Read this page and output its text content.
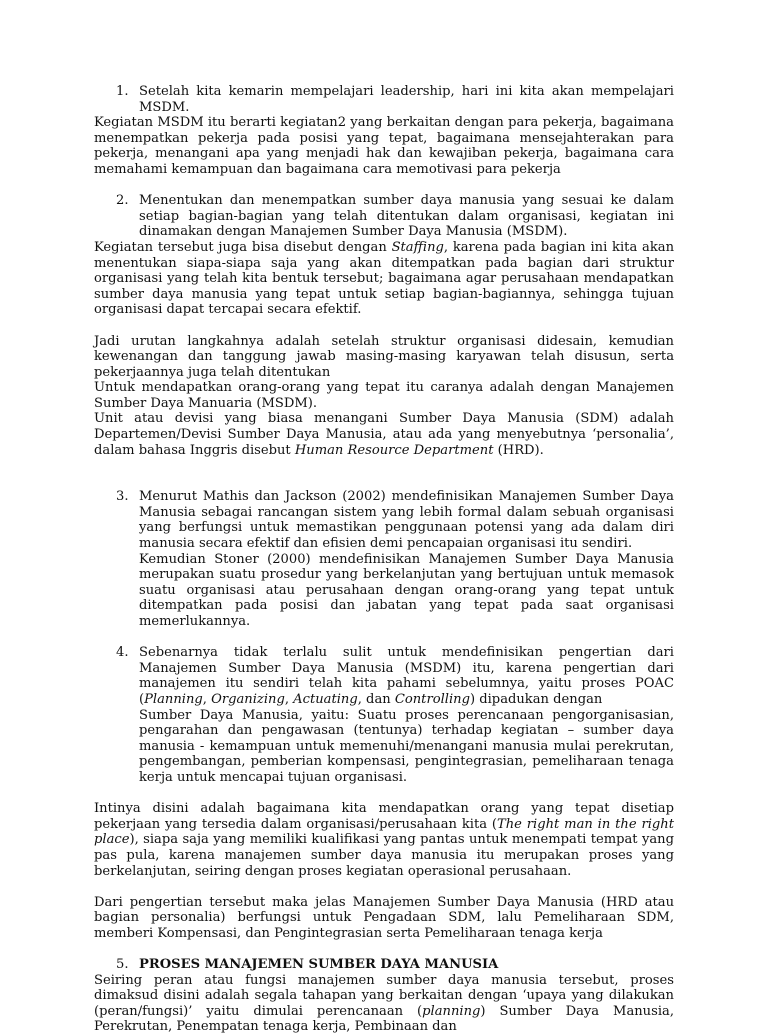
1. Setelah kita kemarin mempelajari leadership, hari ini kita akan mempelajari MSDM.

Kegiatan MSDM itu berarti kegiatan2 yang berkaitan dengan para pekerja, bagaimana menempatkan pekerja pada posisi yang tepat, bagaimana mensejahterakan para pekerja, menangani apa yang menjadi hak dan kewajiban pekerja, bagaimana cara memahami kemampuan dan bagaimana cara memotivasi para pekerja

2. Menentukan dan menempatkan sumber daya manusia yang sesuai ke dalam setiap bagian-bagian yang telah ditentukan dalam organisasi, kegiatan ini dinamakan dengan Manajemen Sumber Daya Manusia (MSDM).

Kegiatan tersebut juga bisa disebut dengan Staffing, karena pada bagian ini kita akan menentukan siapa-siapa saja yang akan ditempatkan pada bagian dari struktur organisasi yang telah kita bentuk tersebut; bagaimana agar perusahaan mendapatkan sumber daya manusia yang tepat untuk setiap bagian-bagiannya, sehingga tujuan organisasi dapat tercapai secara efektif.

Jadi urutan langkahnya adalah setelah struktur organisasi didesain, kemudian kewenangan dan tanggung jawab masing-masing karyawan telah disusun, serta pekerjaannya juga telah ditentukan

Untuk mendapatkan orang-orang yang tepat itu caranya adalah dengan Manajemen Sumber Daya Manuaria (MSDM).

Unit atau devisi yang biasa menangani Sumber Daya Manusia (SDM) adalah Departemen/Devisi Sumber Daya Manusia, atau ada yang menyebutnya ‘personalia’, dalam bahasa Inggris disebut Human Resource Department (HRD).

3. Menurut Mathis dan Jackson (2002) mendefinisikan Manajemen Sumber Daya Manusia sebagai rancangan sistem yang lebih formal dalam sebuah organisasi yang berfungsi untuk memastikan penggunaan potensi yang ada dalam diri manusia secara efektif dan efisien demi pencapaian organisasi itu sendiri.

Kemudian Stoner (2000) mendefinisikan Manajemen Sumber Daya Manusia merupakan suatu prosedur yang berkelanjutan yang bertujuan untuk memasok suatu organisasi atau perusahaan dengan orang-orang yang tepat untuk ditempatkan pada posisi dan jabatan yang tepat pada saat organisasi memerlukannya.

4. Sebenarnya tidak terlalu sulit untuk mendefinisikan pengertian dari Manajemen Sumber Daya Manusia (MSDM) itu, karena pengertian dari manajemen itu sendiri telah kita pahami sebelumnya, yaitu proses POAC (Planning, Organizing, Actuating, dan Controlling) dipadukan dengan

Sumber Daya Manusia, yaitu: Suatu proses perencanaan pengorganisasian, pengarahan dan pengawasan (tentunya) terhadap kegiatan – sumber daya manusia - kemampuan untuk memenuhi/menangani manusia mulai perekrutan, pengembangan, pemberian kompensasi, pengintegrasian, pemeliharaan tenaga kerja untuk mencapai tujuan organisasi.

Intinya disini adalah bagaimana kita mendapatkan orang yang tepat disetiap pekerjaan yang tersedia dalam organisasi/perusahaan kita (The right man in the right place), siapa saja yang memiliki kualifikasi yang pantas untuk menempati tempat yang pas pula, karena manajemen sumber daya manusia itu merupakan proses yang berkelanjutan, seiring dengan proses kegiatan operasional perusahaan.

Dari pengertian tersebut maka jelas Manajemen Sumber Daya Manusia (HRD atau bagian personalia) berfungsi untuk Pengadaan SDM, lalu Pemeliharaan SDM, memberi Kompensasi, dan Pengintegrasian serta Pemeliharaan tenaga kerja

5. PROSES MANAJEMEN SUMBER DAYA MANUSIA

Seiring peran atau fungsi manajemen sumber daya manusia tersebut, proses dimaksud disini adalah segala tahapan yang berkaitan dengan ‘upaya yang dilakukan (peran/fungsi)’ yaitu dimulai perencanaan (planning) Sumber Daya Manusia, Perekrutan, Penempatan tenaga kerja, Pembinaan dan
